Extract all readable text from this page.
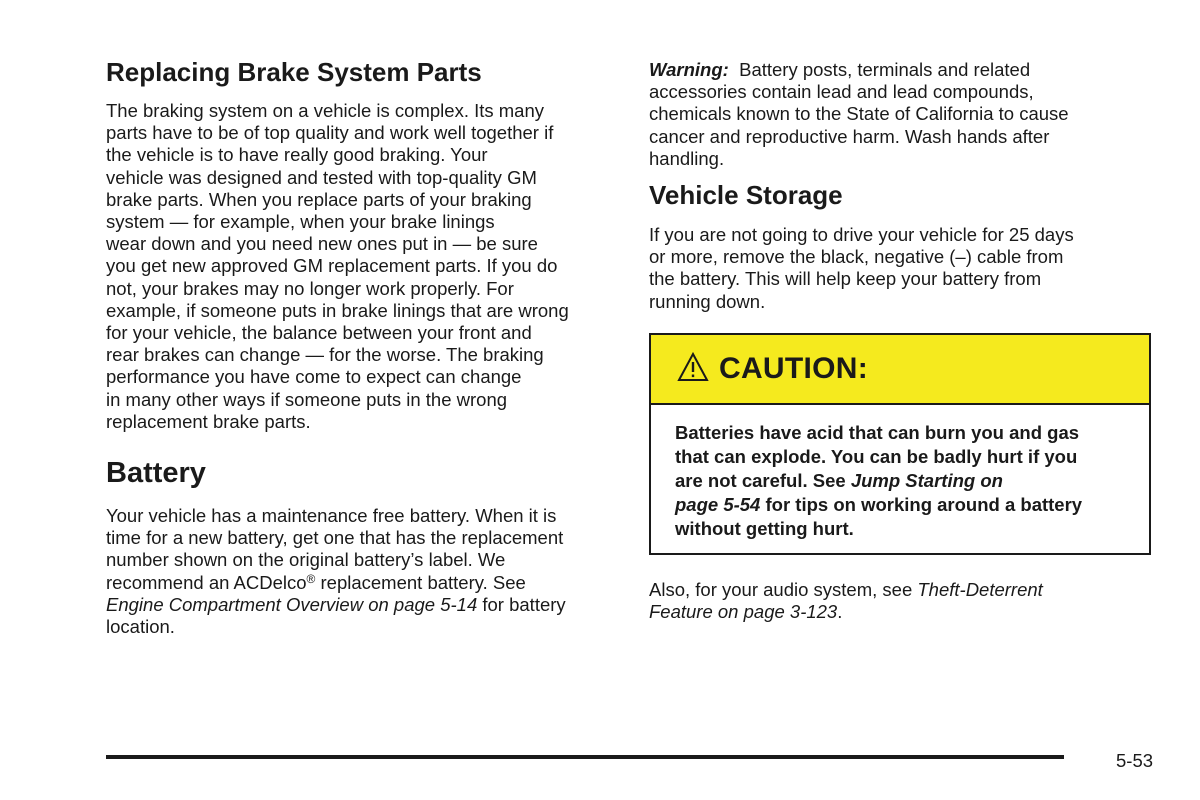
Replacing Brake System Parts

The braking system on a vehicle is complex. Its many
parts have to be of top quality and work well together if
the vehicle is to have really good braking. Your
vehicle was designed and tested with top-quality GM
brake parts. When you replace parts of your braking
system — for example, when your brake linings
wear down and you need new ones put in — be sure
you get new approved GM replacement parts. If you do
not, your brakes may no longer work properly. For
example, if someone puts in brake linings that are wrong
for your vehicle, the balance between your front and
rear brakes can change — for the worse. The braking
performance you have come to expect can change
in many other ways if someone puts in the wrong
replacement brake parts.

Battery

Your vehicle has a maintenance free battery. When it is
time for a new battery, get one that has the replacement
number shown on the original battery’s label. We
recommend an ACDelco® replacement battery. See
Engine Compartment Overview on page 5-14 for battery
location.

Warning:  Battery posts, terminals and related
accessories contain lead and lead compounds,
chemicals known to the State of California to cause
cancer and reproductive harm. Wash hands after
handling.

Vehicle Storage

If you are not going to drive your vehicle for 25 days
or more, remove the black, negative (–) cable from
the battery. This will help keep your battery from
running down.

CAUTION:
Batteries have acid that can burn you and gas
that can explode. You can be badly hurt if you
are not careful. See Jump Starting on
page 5-54 for tips on working around a battery
without getting hurt.

Also, for your audio system, see Theft-Deterrent
Feature on page 3-123.

5-53
